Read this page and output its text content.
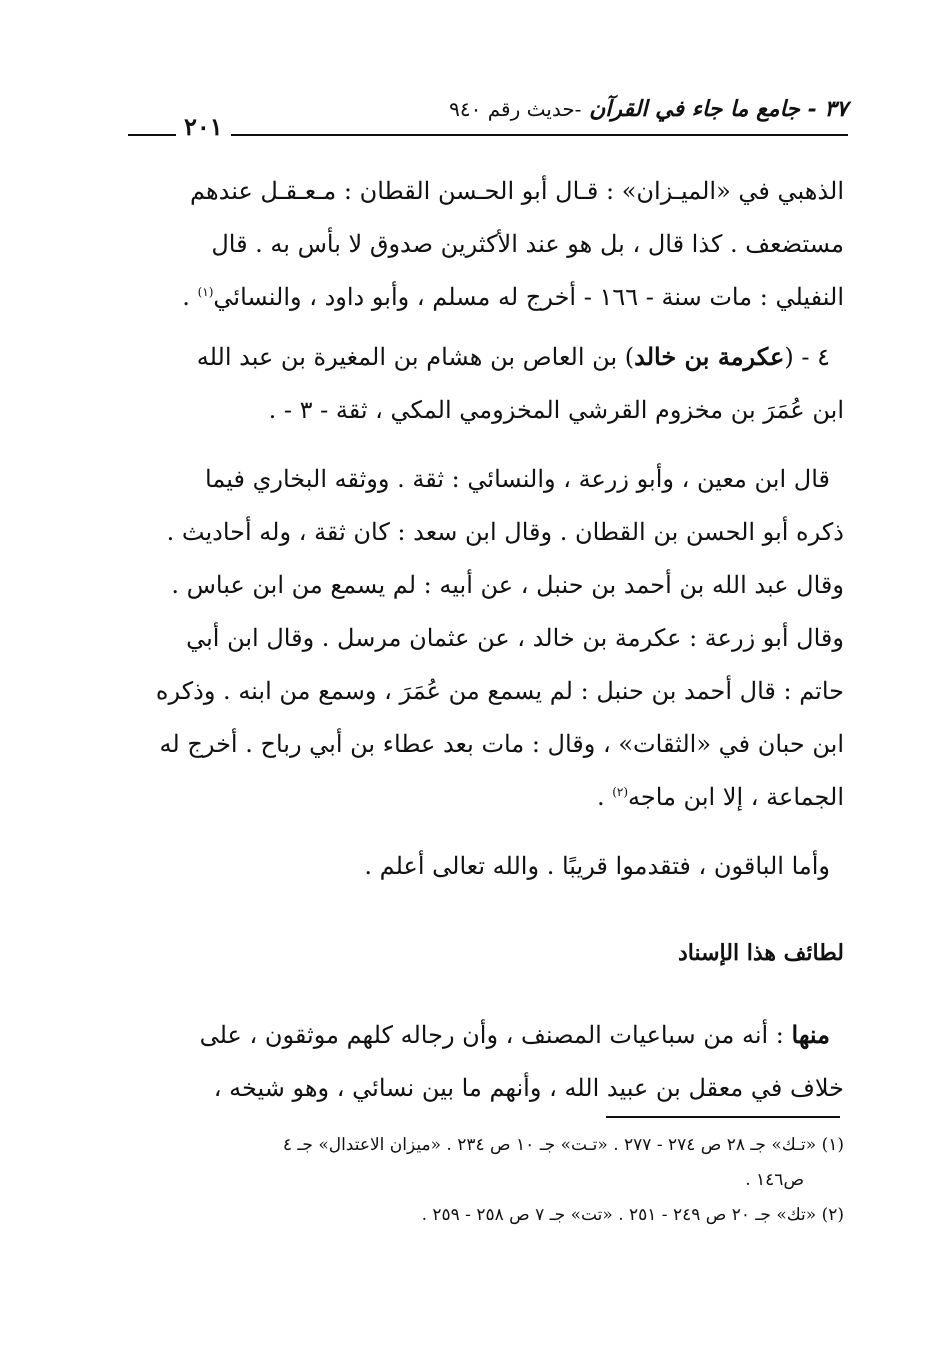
٣٧ - جامع ما جاء في القرآن -حديث رقم ٩٤٠
٢٠١

الذهبي في «الميـزان» : قـال أبو الحـسن القطان : مـعـقـل عندهم

مستضعف . كذا قال ، بل هو عند الأكثرين صدوق لا بأس به . قال

النفيلي : مات سنة - ١٦٦ - أخرج له مسلم ، وأبو داود ، والنسائي$^{(١)}$ .

٤ - (عكرمة بن خالد) بن العاص بن هشام بن المغيرة بن عبد الله

ابن عُمَرَ بن مخزوم القرشي المخزومي المكي ، ثقة - ٣ - .

قال ابن معين ، وأبو زرعة ، والنسائي : ثقة . ووثقه البخاري فيما

ذكره أبو الحسن بن القطان . وقال ابن سعد : كان ثقة ، وله أحاديث .

وقال عبد الله بن أحمد بن حنبل ، عن أبيه : لم يسمع من ابن عباس .

وقال أبو زرعة : عكرمة بن خالد ، عن عثمان مرسل . وقال ابن أبي

حاتم : قال أحمد بن حنبل : لم يسمع من عُمَرَ ، وسمع من ابنه . وذكره

ابن حبان في «الثقات» ، وقال : مات بعد عطاء بن أبي رباح . أخرج له

الجماعة ، إلا ابن ماجه$^{(٢)}$ .

وأما الباقون ، فتقدموا قريبًا . والله تعالى أعلم .

لطائف هذا الإسناد

منها : أنه من سباعيات المصنف ، وأن رجاله كلهم موثقون ، على

خلاف في معقل بن عبيد الله ، وأنهم ما بين نسائي ، وهو شيخه ،

(١) «تـك» جـ ٢٨ ص ٢٧٤ - ٢٧٧ . «تـت» جـ ١٠ ص ٢٣٤ . «ميزان الاعتدال» جـ ٤

ص١٤٦ .

(٢) «تك» جـ ٢٠ ص ٢٤٩ - ٢٥١ . «تت» جـ ٧ ص ٢٥٨ - ٢٥٩ .
